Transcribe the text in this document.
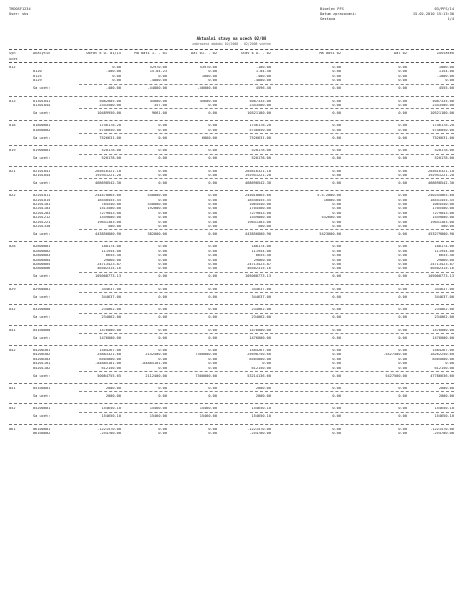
TRDOSF1234
User: sks
Bioelec PFS
Datum zpracovani:
Sestava
03/PFS/14
15.02.2010 15:13:30
1/4
Aktualni stavy na ucech 02/08
zobrazeni obdobi 02/2008 - 02/2008 vcetne
Syn
ucet
Analytic	Obrat k O. 01/15	Ma dati 1. - 01	Dal 01. - 02	Stav k O. - 02	Ma dati 02	Dal 02	Zustatek
012	0.00	52970.00	53970.00	-100.00	0.00	0.00	1000.00
0120	-400.00	15.04.23	0.00	1.04.40	0.00	0.00	1154.00
0125	0.00	0.00	1000.00	-400.00	0.00	0.00	-1000.00
0129	0.00	-4880.00	0.00	-4880.00	0.00	0.00	0.00
Sa ucet:	-400.00	-44880.00	-46000.00	4596.40	0.00	0.00	4555.00
013	01301041	5082005.00	45000.00	45600.00	5087335.00	0.00	0.00	5087335.00
01301044	2343500.00	357.00	0.00	2343500.00	0.00	0.00	2343500.00
Sa ucet:	10489950.00	9661.00	0.00	10521180.00	0.00	0.00	10521180.00
018	01800001	1746178.20	0.00	0.00	1746178.20	0.00	0.00	1746178.20
01800002	5746050.00	0.00	0.00	5746050.00	0.00	0.00	5746050.00
Sa ucet:	7526631.00	0.00	6860.00	7526631.00	0.00	0.00	7526631.00
019	01900001	520178.00	0.00	0.00	520178.00	0.00	0.00	520178.00
Sa ucet:	520178.00	0.00	0.00	520178.00	0.00	0.00	520178.00
021	02101041	285616321.10	0.00	0.00	285616321.10	0.00	0.00	285616321.10
02101044	192941221.20	0.00	0.00	192941221.20	0.00	0.00	192941221.20
Sa ucet:	468698542.30	0.00	0.00	468698542.30	0.00	0.00	468698542.30
022	02201011	244470065.60	540000.00	0.00	245010065.60	5-5-2000.00	0.00	250245065.60
02201015	18540455.45	0.00	0.00	18540455.45	10000.00	0.00	18541455.45
02201101	784540.00	540000.00	0.00	1064540.00	0.00	0.00	1064540.00
02201103	1513500.00	192000.00	0.00	1704500.00	0.00	0.00	1705500.00
02201203	7279043.00	0.00	0.00	7279043.00	0.00	0.00	7279043.00
02201212	1549800.00	0.00	0.00	1549800.00	532600.00	0.00	1549800.00
02201221	19641303.00	0.00	0.00	19641303.00	0.00	0.00	19641303.00
02201330	500.00	0.00	0.00	500.00	0.00	0.00	500.00
Sa ucet:	443856800.90	382000.00	0.00	443856800.90	5423000.00	0.00	453279800.90
028	02800001	188174.00	0.00	0.00	188174.00	0.00	0.00	188174.00
02800002	111954.00	0.00	0.00	111954.00	0.00	0.00	111954.00
02800003	6655.40	0.00	0.00	6655.40	0.00	0.00	6655.40
02800004	29860.00	0.00	0.00	29860.00	0.00	0.00	29860.00
02800005	24713423.87	0.00	0.00	24713423.87	0.00	0.00	24713423.87
02800006	46502315.16	0.00	0.00	46502315.16	0.00	0.00	46502315.16
Sa ucet:	105008773.13	0.00	0.00	105008773.13	0.00	0.00	105008773.13
029	02900001	344637.00	0.00	0.00	344637.00	0.00	0.00	344637.00
Sa ucet:	344637.00	0.00	0.00	344637.00	0.00	0.00	344637.00
032	03200000	234062.00	0.00	0.00	234062.00	0.00	0.00	234062.00
Sa ucet:	234062.00	0.00	0.00	234062.00	0.00	0.00	234062.00
041	04100000	1476000.00	0.00	0.00	1476000.00	0.00	0.00	1476000.00
Sa ucet:	1476000.00	0.00	0.00	1476000.00	0.00	0.00	1476000.00
042	04200301	1584267.00	0.00	0.00	1584267.00	0.00	0.00	1584267.00
04200302	25883321.60	2142400.00	7300000.00	25698750.60	0.00	-5427500.00	18262250.60
04200303	8505000.00	0.00	0.00	8505000.00	0.00	0.00	8505000.00
04201101	-84885101.00	-84885101.00	0.00	0.00	0.00	0.00	0.00
04201102	612150.00	0.00	0.00	612150.00	0.00	0.00	612150.00
Sa ucet:	50084755.65	2112400.00	7300000.00	53214136.60	0.00	5427500.00	47786636.60
051	05100001	2000.00	0.00	0.00	2000.00	0.00	0.00	2000.00
Sa ucet:	2000.00	0.00	0.00	2000.00	0.00	0.00	2000.00
052	05200001	154650.10	15460.00	15460.00	154650.10	0.00	0.00	154650.10
Sa ucet:	154650.10	15460.00	15460.00	154650.10	0.00	0.00	154650.10
061	06100001	-1221570.00	0.00	0.00	-1221570.00	0.00	0.00	-1221570.00
06100002	-254700.00	0.00	0.00	-254700.00	0.00	0.00	-254700.00
